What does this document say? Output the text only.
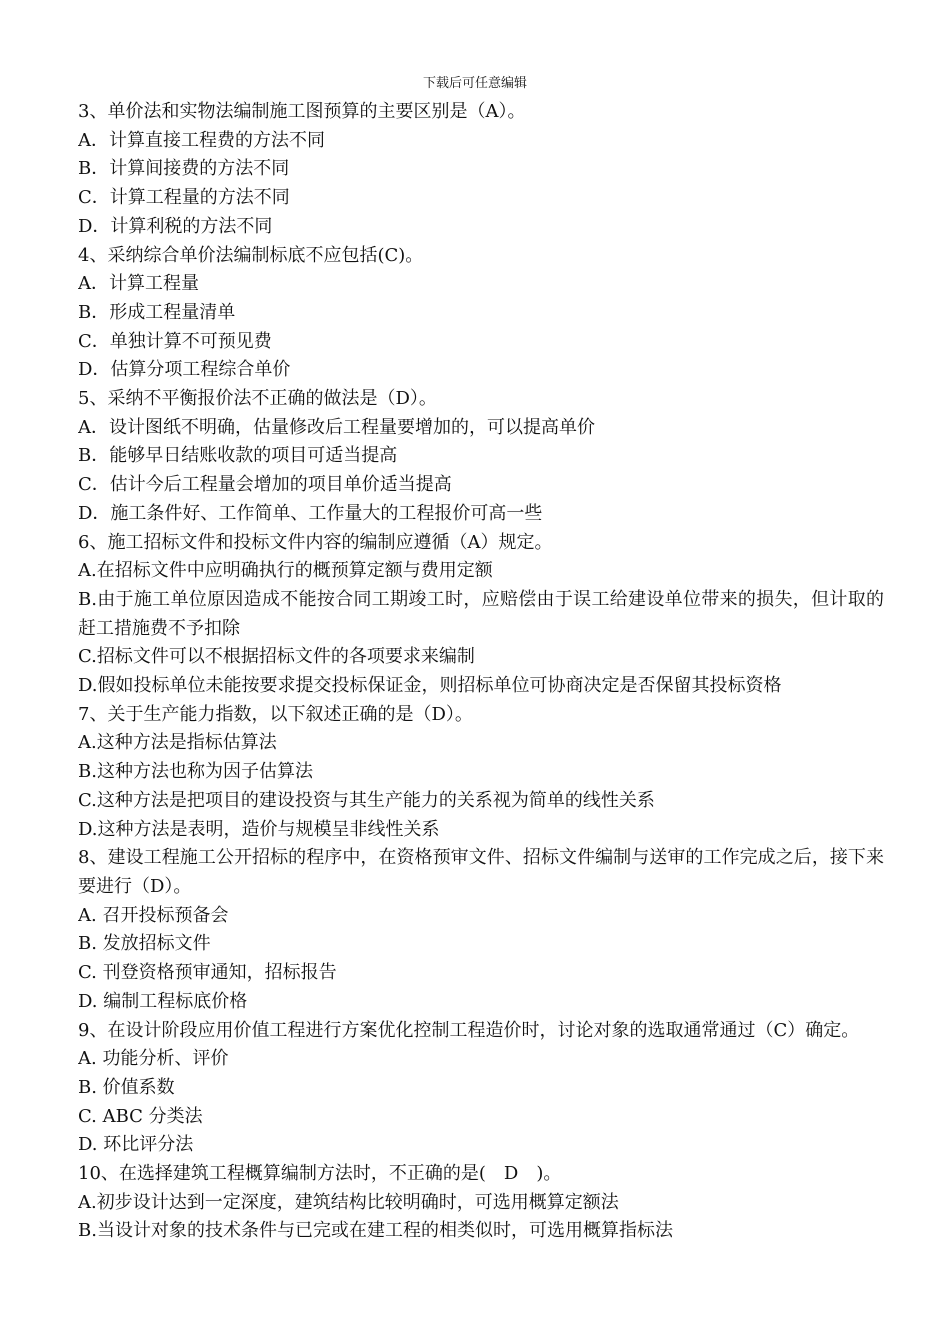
下载后可任意编辑
3、单价法和实物法编制施工图预算的主要区别是（A）。
A．计算直接工程费的方法不同
B．计算间接费的方法不同
C．计算工程量的方法不同
D．计算利税的方法不同
4、采纳综合单价法编制标底不应包括(C)。
A．计算工程量
B．形成工程量清单
C．单独计算不可预见费
D．估算分项工程综合单价
5、采纳不平衡报价法不正确的做法是（D）。
A．设计图纸不明确，估量修改后工程量要增加的，可以提高单价
B．能够早日结账收款的项目可适当提高
C．估计今后工程量会增加的项目单价适当提高
D．施工条件好、工作简单、工作量大的工程报价可高一些
6、施工招标文件和投标文件内容的编制应遵循（A）规定。
A.在招标文件中应明确执行的概预算定额与费用定额
B.由于施工单位原因造成不能按合同工期竣工时，应赔偿由于误工给建设单位带来的损失，但计取的赶工措施费不予扣除
C.招标文件可以不根据招标文件的各项要求来编制
D.假如投标单位未能按要求提交投标保证金，则招标单位可协商决定是否保留其投标资格
7、关于生产能力指数，以下叙述正确的是（D）。
A.这种方法是指标估算法
B.这种方法也称为因子估算法
C.这种方法是把项目的建设投资与其生产能力的关系视为简单的线性关系
D.这种方法是表明，造价与规模呈非线性关系
8、建设工程施工公开招标的程序中，在资格预审文件、招标文件编制与送审的工作完成之后，接下来要进行（D）。
A. 召开投标预备会
B. 发放招标文件
C. 刊登资格预审通知，招标报告
D. 编制工程标底价格
9、在设计阶段应用价值工程进行方案优化控制工程造价时，讨论对象的选取通常通过（C）确定。
A. 功能分析、评价
B. 价值系数
C. ABC 分类法
D. 环比评分法
10、在选择建筑工程概算编制方法时，不正确的是(　D　)。
A.初步设计达到一定深度，建筑结构比较明确时，可选用概算定额法
B.当设计对象的技术条件与已完或在建工程的相类似时，可选用概算指标法
